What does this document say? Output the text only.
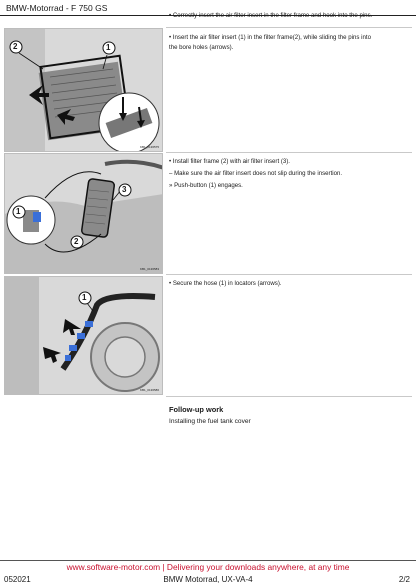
BMW-Motorrad - F 750 GS

• Correctly insert the air filter insert in the filter frame and hook into the pins.

• Insert the air filter insert (1) in the filter frame(2), while sliding the pins into

the bore holes (arrows).

1
2
KB1_0136575

• Install filter frame (2) with air filter insert (3).

– Make sure the air filter insert does not slip during the insertion.

» Push-button (1) engages.

1
2
3
KB1_0136583

• Secure the hose (1) in locators (arrows).

1
KB1_0136586
Follow-up work
Installing the fuel tank cover
www.software-motor.com | Delivering your downloads anywhere, at any time
052021	BMW Motorrad, UX-VA-4	2/2
